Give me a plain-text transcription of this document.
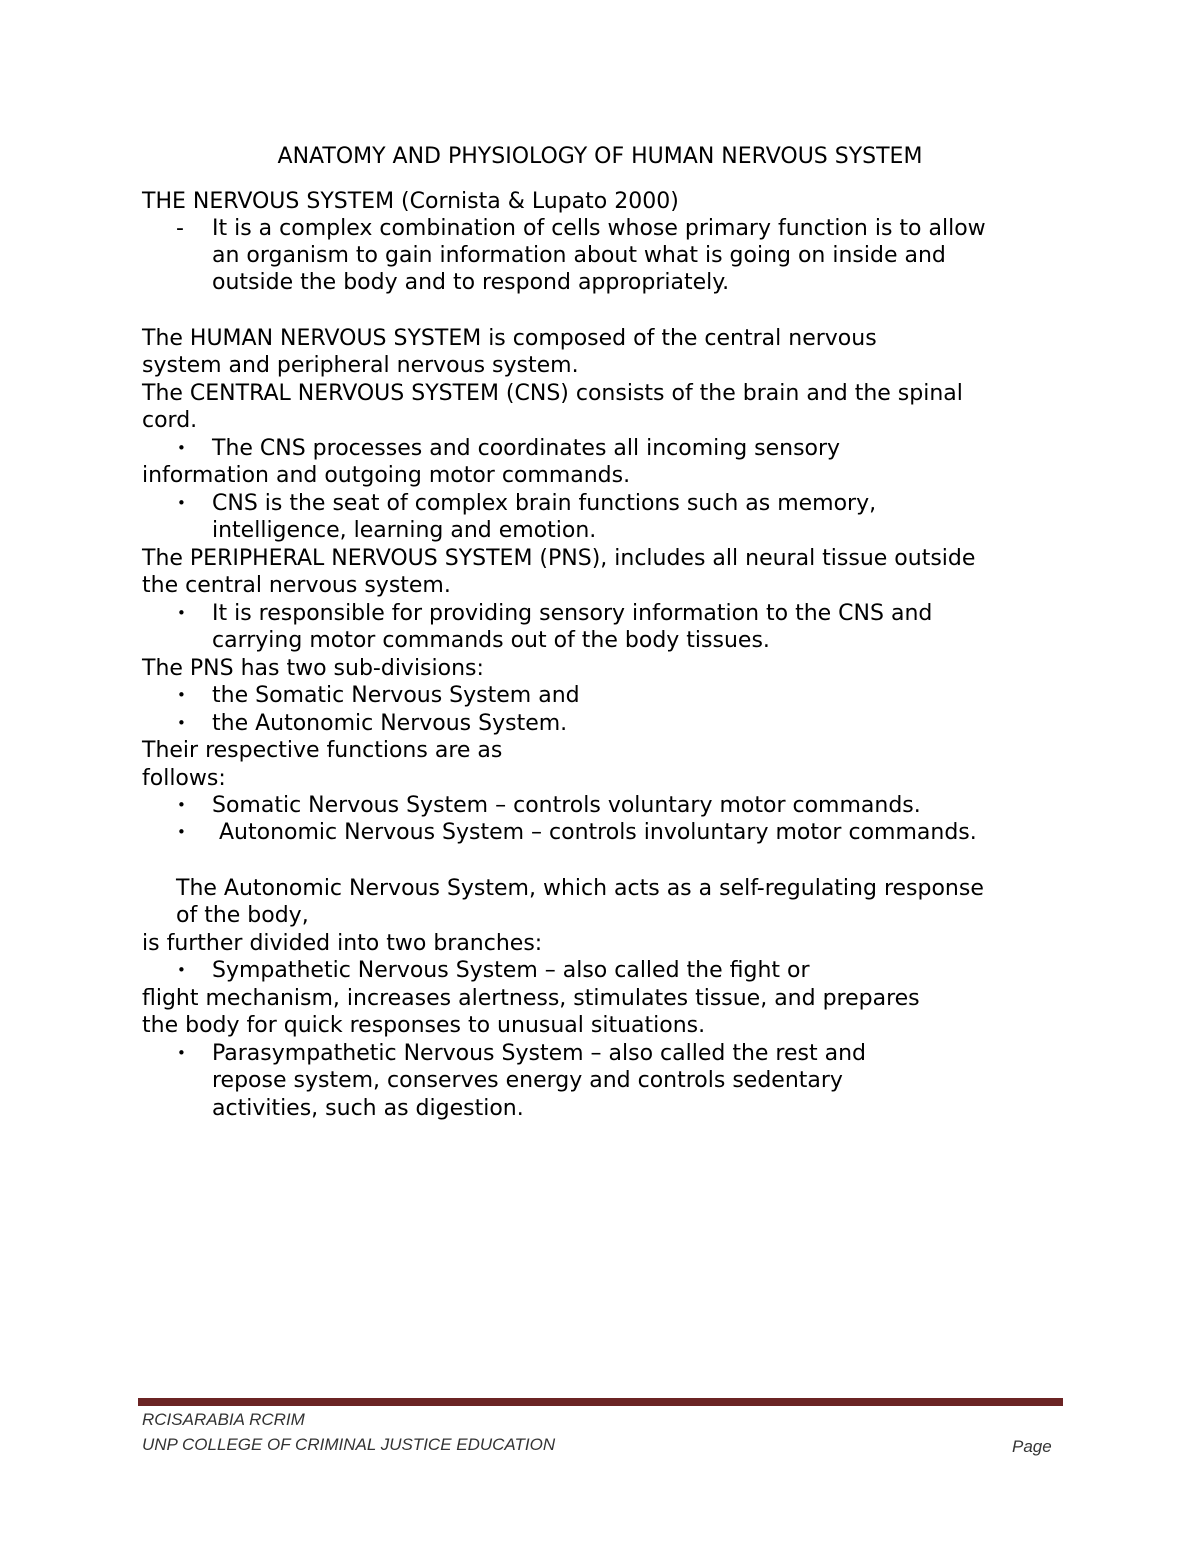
ANATOMY AND PHYSIOLOGY OF HUMAN NERVOUS SYSTEM
THE NERVOUS SYSTEM (Cornista & Lupato 2000)
- It is a complex combination of cells whose primary function is to allow
an organism to gain information about what is going on inside and
outside the body and to respond appropriately.
The HUMAN NERVOUS SYSTEM is composed of the central nervous
system and peripheral nervous system.
The CENTRAL NERVOUS SYSTEM (CNS) consists of the brain and the spinal
cord.
• The CNS processes and coordinates all incoming sensory
information and outgoing motor commands.
• CNS is the seat of complex brain functions such as memory,
intelligence, learning and emotion.
The PERIPHERAL NERVOUS SYSTEM (PNS), includes all neural tissue outside
the central nervous system.
• It is responsible for providing sensory information to the CNS and
carrying motor commands out of the body tissues.
The PNS has two sub-divisions:
• the Somatic Nervous System and
• the Autonomic Nervous System.
Their respective functions are as
follows:
• Somatic Nervous System – controls voluntary motor commands.
• Autonomic Nervous System – controls involuntary motor commands.
The Autonomic Nervous System, which acts as a self-regulating response
of the body,
is further divided into two branches:
• Sympathetic Nervous System – also called the fight or
flight mechanism, increases alertness, stimulates tissue, and prepares
the body for quick responses to unusual situations.
• Parasympathetic Nervous System – also called the rest and
repose system, conserves energy and controls sedentary
activities, such as digestion.
RCISARABIA RCRIM
UNP COLLEGE OF CRIMINAL JUSTICE EDUCATION	Page
